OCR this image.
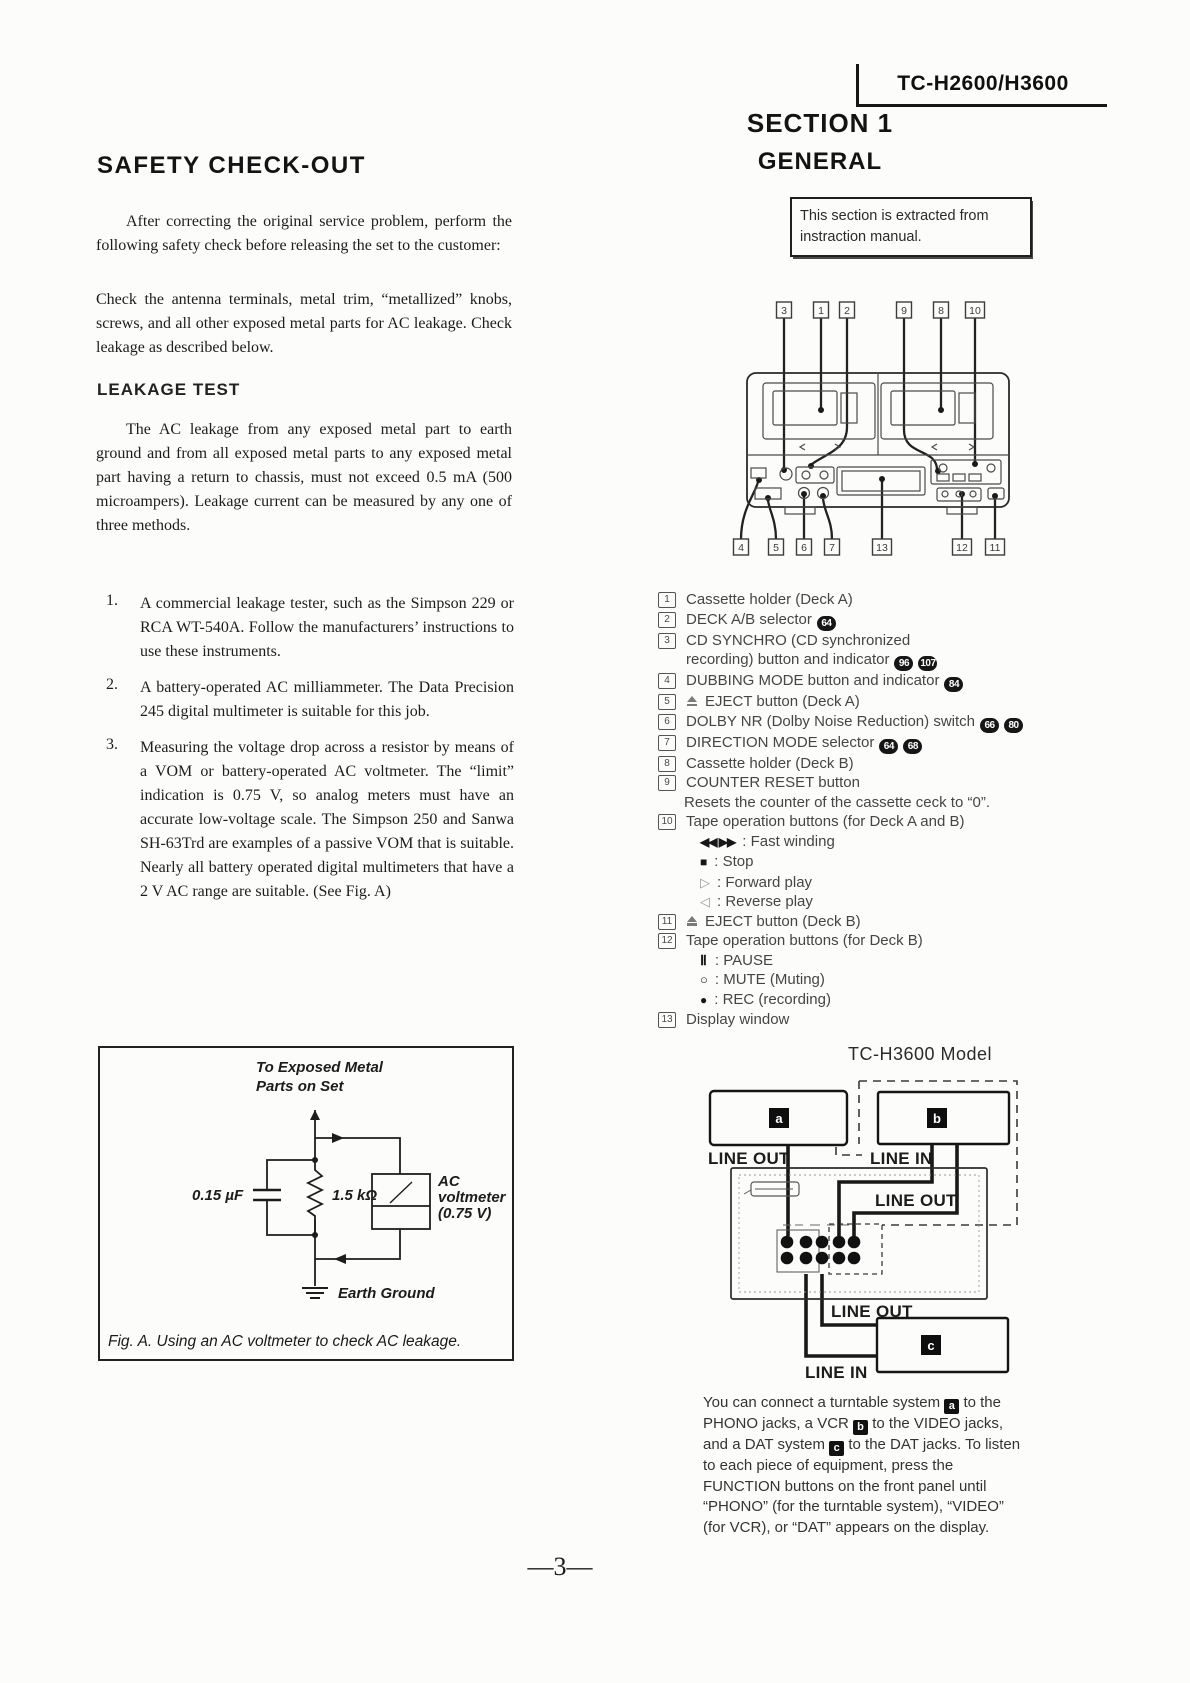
TC-H2600/H3600
SAFETY CHECK-OUT
After correcting the original service problem, perform the following safety check before releasing the set to the customer:
Check the antenna terminals, metal trim, “metallized” knobs, screws, and all other exposed metal parts for AC leakage. Check leakage as described below.
LEAKAGE TEST
The AC leakage from any exposed metal part to earth ground and from all exposed metal parts to any exposed metal part having a return to chassis, must not exceed 0.5 mA (500 microampers). Leakage current can be measured by any one of three methods.
1.	A commercial leakage tester, such as the Simpson 229 or RCA WT-540A. Follow the manufacturers’ instructions to use these instruments.
2.	A battery-operated AC milliammeter. The Data Precision 245 digital multimeter is suitable for this job.
3.	Measuring the voltage drop across a resistor by means of a VOM or battery-operated AC voltmeter. The “limit” indication is 0.75 V, so analog meters must have an accurate low-voltage scale. The Simpson 250 and Sanwa SH-63Trd are examples of a passive VOM that is suitable. Nearly all battery operated digital multimeters that have a 2 V AC range are suitable. (See Fig. A)
To Exposed Metal
Parts on Set
0.15 µF	1.5 kΩ
AC
voltmeter
(0.75 V)
Earth Ground
Fig. A. Using an AC voltmeter to check AC leakage.
SECTION 1
GENERAL
This section is extracted from instraction manual.
3	1 2	9	8 10
4	5 6 7	13	12 11
1	Cassette holder (Deck A)
2	DECK A/B selector 64
3	CD SYNCHRO (CD synchronized
recording) button and indicator 96 107
4	DUBBING MODE button and indicator 84
5	EJECT button (Deck A)
6	DOLBY NR (Dolby Noise Reduction) switch 66 80
7	DIRECTION MODE selector 64 68
8	Cassette holder (Deck B)
9	COUNTER RESET button
Resets the counter of the cassette ceck to “0”.
10 Tape operation buttons (for Deck A and B)
◀◀ ▶▶ : Fast winding
■ : Stop
▷ : Forward play
◁ : Reverse play
11	EJECT button (Deck B)
12 Tape operation buttons (for Deck B)
Ⅱ : PAUSE
○ : MUTE (Muting)
● : REC (recording)
13 Display window
TC-H3600 Model
a	b
c
LINE OUT	LINE IN
LINE OUT
LINE OUT
LINE IN
You can connect a turntable system a to the PHONO jacks, a VCR b to the VIDEO jacks, and a DAT system c to the DAT jacks. To listen to each piece of equipment, press the FUNCTION buttons on the front panel until “PHONO” (for the turntable system), “VIDEO” (for VCR), or “DAT” appears on the display.
—3—
